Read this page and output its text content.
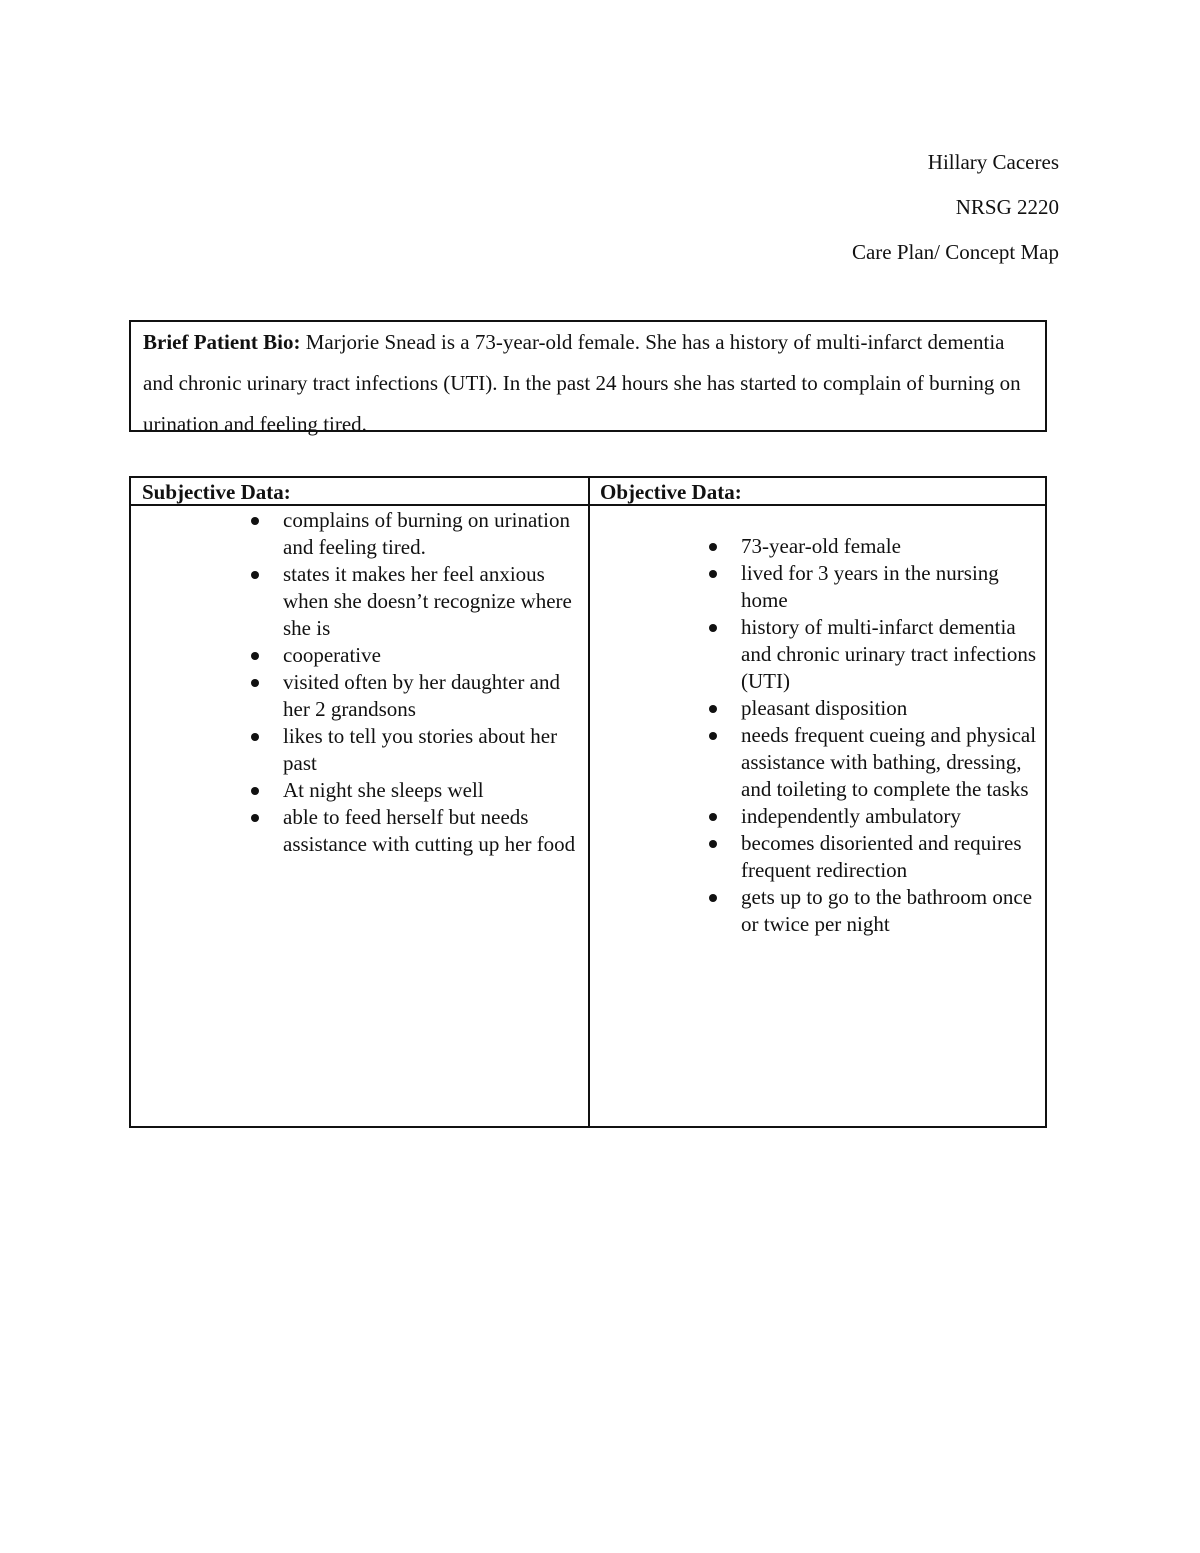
Hillary Caceres
NRSG 2220
Care Plan/ Concept Map
Brief Patient Bio: Marjorie Snead is a 73-year-old female. She has a history of multi-infarct dementia and chronic urinary tract infections (UTI). In the past 24 hours she has started to complain of burning on urination and feeling tired.
Subjective Data:	Objective Data:
complains of burning on urination and feeling tired.
states it makes her feel anxious when she doesn’t recognize where she is
cooperative
visited often by her daughter and her 2 grandsons
likes to tell you stories about her past
At night she sleeps well
able to feed herself but needs assistance with cutting up her food
73-year-old female
lived for 3 years in the nursing home
history of multi-infarct dementia and chronic urinary tract infections (UTI)
pleasant disposition
needs frequent cueing and physical assistance with bathing, dressing, and toileting to complete the tasks
independently ambulatory
becomes disoriented and requires frequent redirection
gets up to go to the bathroom once or twice per night
